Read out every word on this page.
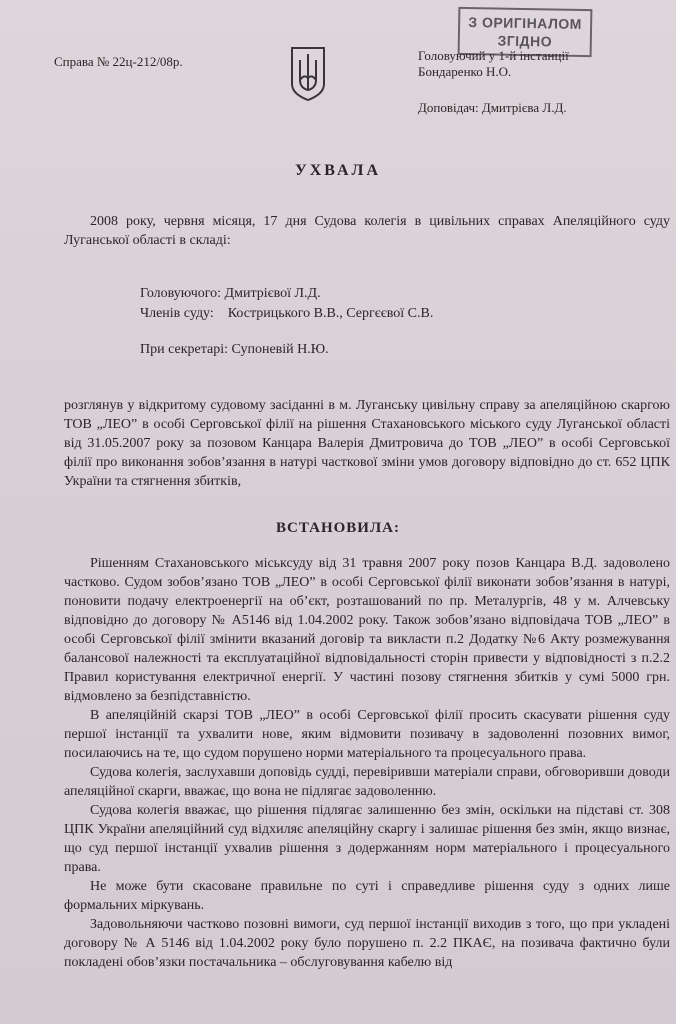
З ОРИГІНАЛОМ
ЗГІДНО
Справа № 22ц-212/08р.	Головуючий у 1-й інстанції
Бондаренко Н.О.
Доповідач: Дмитрієва Л.Д.
УХВАЛА
2008 року, червня місяця, 17 дня Судова колегія в цивільних справах Апеляційного суду Луганської області в складі:
Головуючого: Дмитрієвої Л.Д.
Членів суду:    Кострицького В.В., Сергєєвої С.В.
При секретарі: Супоневій Н.Ю.
розглянув у відкритому судовому засіданні в м. Луганську цивільну справу за апеляційною скаргою ТОВ „ЛЕО” в особі Серговської філії на рішення Стахановського міського суду Луганської області від 31.05.2007 року за позовом Канцара Валерія Дмитровича до ТОВ „ЛЕО” в особі Серговської філії про виконання зобов’язання в натурі часткової зміни умов договору відповідно до ст. 652 ЦПК України та стягнення збитків,
ВСТАНОВИЛА:

Рішенням Стахановського міськсуду від 31 травня 2007 року позов Канцара В.Д. задоволено частково. Судом зобов’язано ТОВ „ЛЕО” в особі Серговської філії виконати зобов’язання в натурі, поновити подачу електроенергії на об’єкт, розташований по пр. Металургів, 48 у м. Алчевську відповідно до договору № А5146 від 1.04.2002 року. Також зобов’язано відповідача ТОВ „ЛЕО” в особі Серговської філії змінити вказаний договір та викласти п.2 Додатку №6 Акту розмежування балансової належності та експлуатаційної відповідальності сторін привести у відповідності з п.2.2 Правил користування електричної енергії. У частині позову стягнення збитків у сумі 5000 грн. відмовлено за безпідставністю.

В апеляційній скарзі ТОВ „ЛЕО” в особі Серговської філії просить скасувати рішення суду першої інстанції та ухвалити нове, яким відмовити позивачу в задоволенні позовних вимог, посилаючись на те, що судом порушено норми матеріального та процесуального права.

Судова колегія, заслухавши доповідь судді, перевіривши матеріали справи, обговоривши доводи апеляційної скарги, вважає, що вона не підлягає задоволенню.

Судова колегія вважає, що рішення підлягає залишенню без змін, оскільки на підставі ст. 308 ЦПК України апеляційний суд відхиляє апеляційну скаргу і залишає рішення без змін, якщо визнає, що суд першої інстанції ухвалив рішення з додержанням норм матеріального і процесуального права.

Не може бути скасоване правильне по суті і справедливе рішення суду з одних лише формальних міркувань.

Задовольняючи частково позовні вимоги, суд першої інстанції виходив з того, що при укладені договору № А 5146 від 1.04.2002 року було порушено п. 2.2 ПКАЄ, на позивача фактично були покладені обов’язки постачальника – обслуговування кабелю від
